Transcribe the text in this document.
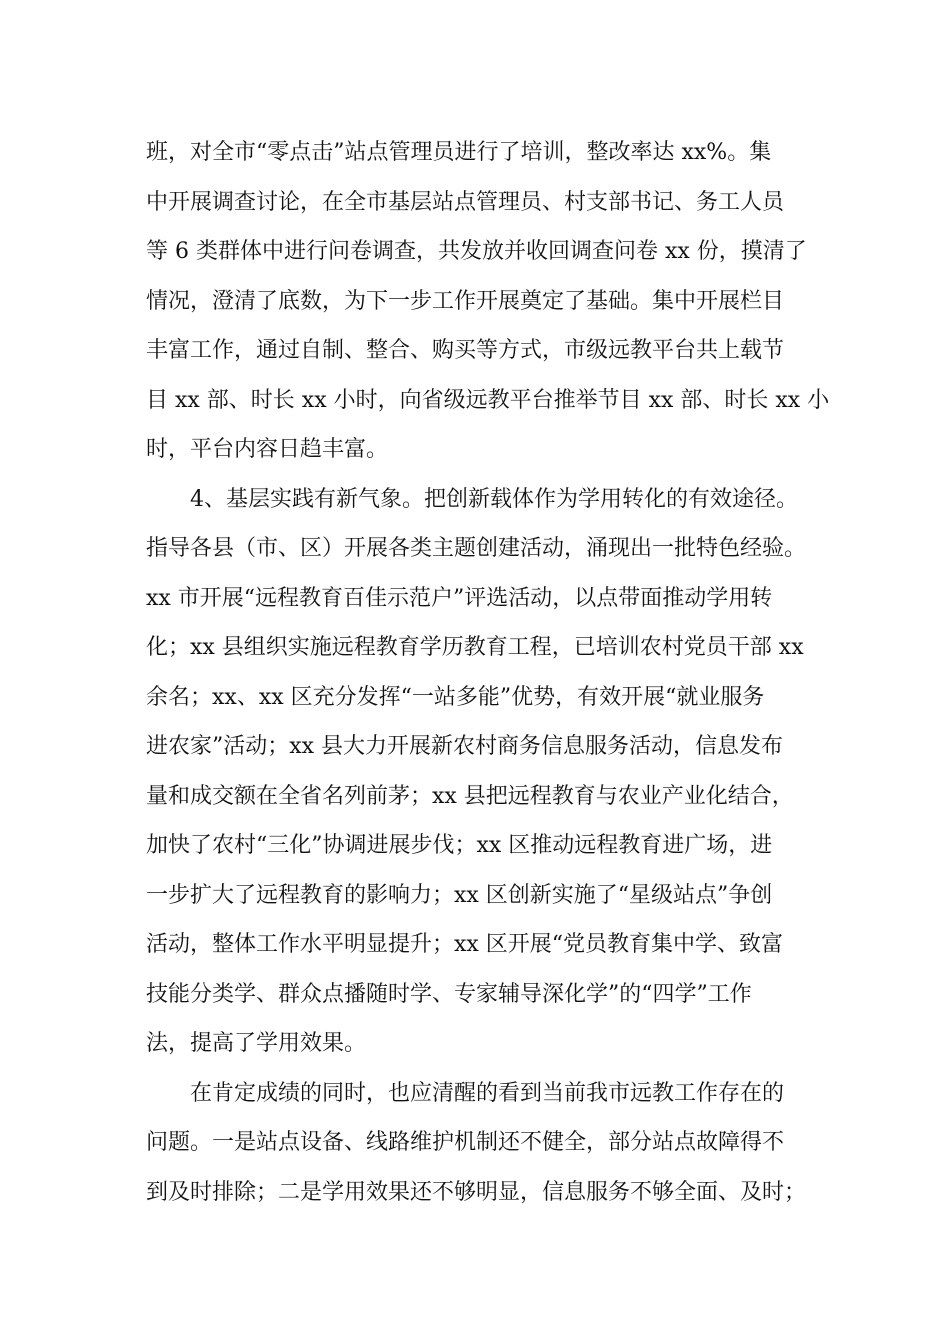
班，对全市“零点击”站点管理员进行了培训，整改率达 xx%。集
中开展调查讨论，在全市基层站点管理员、村支部书记、务工人员
等 6 类群体中进行问卷调查，共发放并收回调查问卷 xx 份，摸清了
情况，澄清了底数，为下一步工作开展奠定了基础。集中开展栏目
丰富工作，通过自制、整合、购买等方式，市级远教平台共上载节
目 xx 部、时长 xx 小时，向省级远教平台推举节目 xx 部、时长 xx 小
时，平台内容日趋丰富。
　　4、基层实践有新气象。把创新载体作为学用转化的有效途径。
指导各县（市、区）开展各类主题创建活动，涌现出一批特色经验。
xx 市开展“远程教育百佳示范户”评选活动，以点带面推动学用转
化；xx 县组织实施远程教育学历教育工程，已培训农村党员干部 xx
余名；xx、xx 区充分发挥“一站多能”优势，有效开展“就业服务
进农家”活动；xx 县大力开展新农村商务信息服务活动，信息发布
量和成交额在全省名列前茅；xx 县把远程教育与农业产业化结合，
加快了农村“三化”协调进展步伐；xx 区推动远程教育进广场，进
一步扩大了远程教育的影响力；xx 区创新实施了“星级站点”争创
活动，整体工作水平明显提升；xx 区开展“党员教育集中学、致富
技能分类学、群众点播随时学、专家辅导深化学”的“四学”工作
法，提高了学用效果。
　　在肯定成绩的同时，也应清醒的看到当前我市远教工作存在的
问题。一是站点设备、线路维护机制还不健全，部分站点故障得不
到及时排除；二是学用效果还不够明显，信息服务不够全面、及时；
